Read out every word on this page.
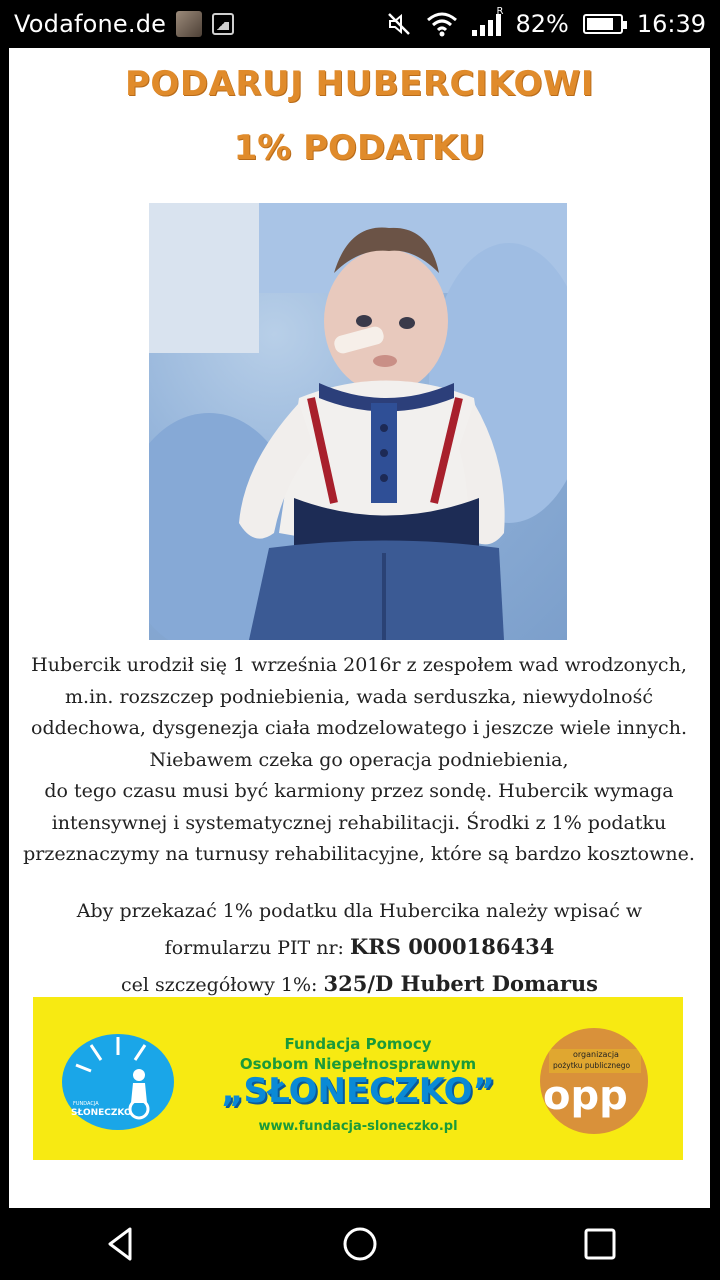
Vodafone.de	R 82%	16:39
PODARUJ HUBERCIKOWI
1% PODATKU
Hubercik urodził się 1 września 2016r z zespołem wad wrodzonych,
m.in. rozszczep podniebienia, wada serduszka, niewydolność
oddechowa, dysgenezja ciała modzelowatego i jeszcze wiele innych.
Niebawem czeka go operacja podniebienia,
do tego czasu musi być karmiony przez sondę. Hubercik wymaga
intensywnej i systematycznej rehabilitacji. Środki z 1% podatku
przeznaczymy na turnusy rehabilitacyjne, które są bardzo kosztowne.
Aby przekazać 1% podatku dla Hubercika należy wpisać w
formularzu PIT nr: KRS 0000186434
cel szczegółowy 1%: 325/D Hubert Domarus
FUNDACJA
SŁONECZKO
Fundacja Pomocy
Osobom Niepełnosprawnym
„SŁONECZKO”
www.fundacja-sloneczko.pl
organizacja
pożytku publicznego
opp
